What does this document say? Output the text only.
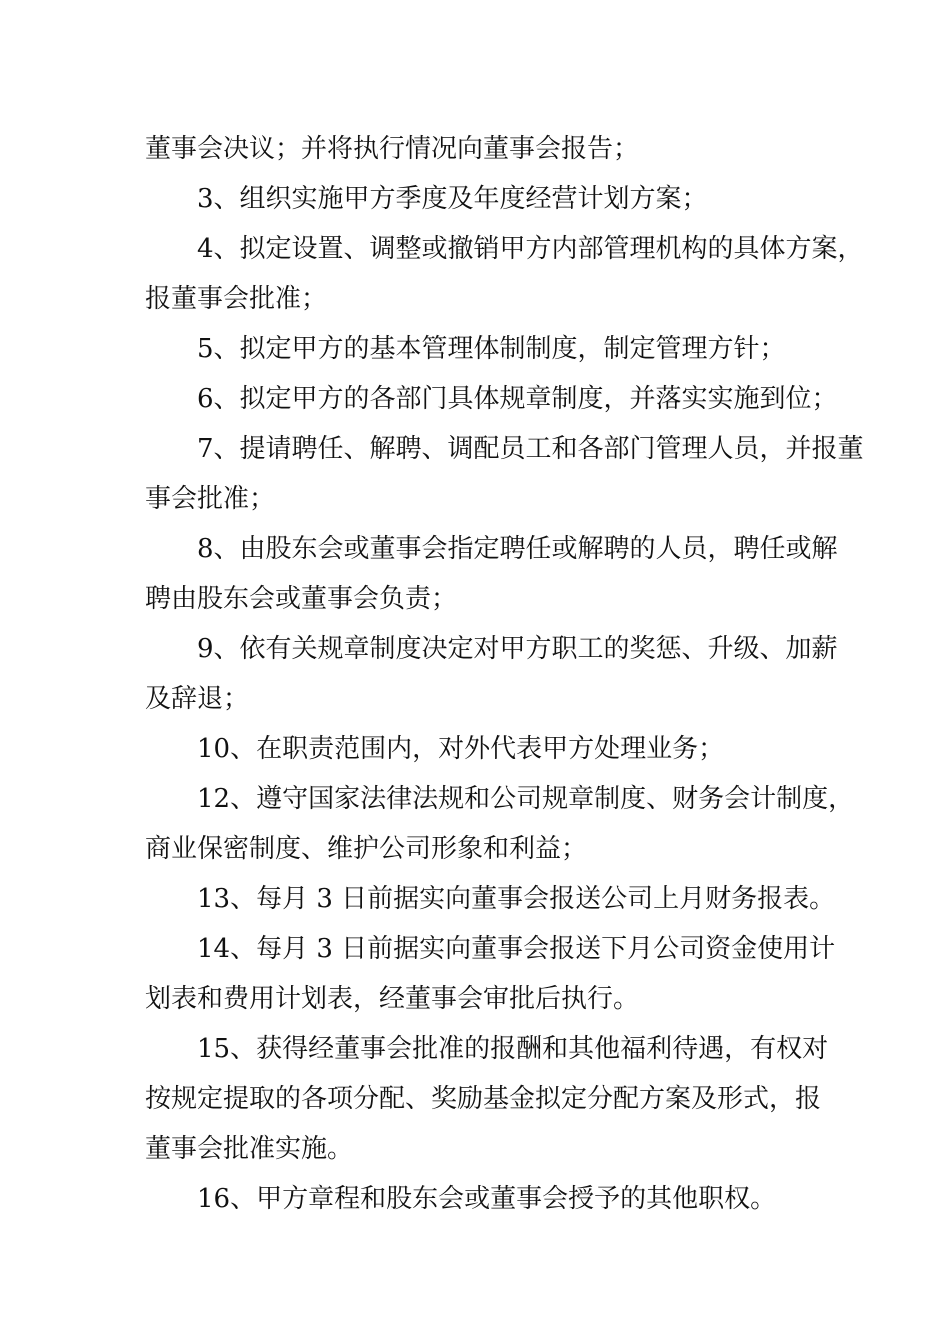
董事会决议；并将执行情况向董事会报告；
3、组织实施甲方季度及年度经营计划方案；
4、拟定设置、调整或撤销甲方内部管理机构的具体方案，
报董事会批准；
5、拟定甲方的基本管理体制制度，制定管理方针；
6、拟定甲方的各部门具体规章制度，并落实实施到位；
7、提请聘任、解聘、调配员工和各部门管理人员，并报董
事会批准；
8、由股东会或董事会指定聘任或解聘的人员，聘任或解
聘由股东会或董事会负责；
9、依有关规章制度决定对甲方职工的奖惩、升级、加薪
及辞退；
10、在职责范围内，对外代表甲方处理业务；
12、遵守国家法律法规和公司规章制度、财务会计制度，
商业保密制度、维护公司形象和利益；
13、每月 3 日前据实向董事会报送公司上月财务报表。
14、每月 3 日前据实向董事会报送下月公司资金使用计
划表和费用计划表，经董事会审批后执行。
15、获得经董事会批准的报酬和其他福利待遇，有权对
按规定提取的各项分配、奖励基金拟定分配方案及形式，报
董事会批准实施。
16、甲方章程和股东会或董事会授予的其他职权。
